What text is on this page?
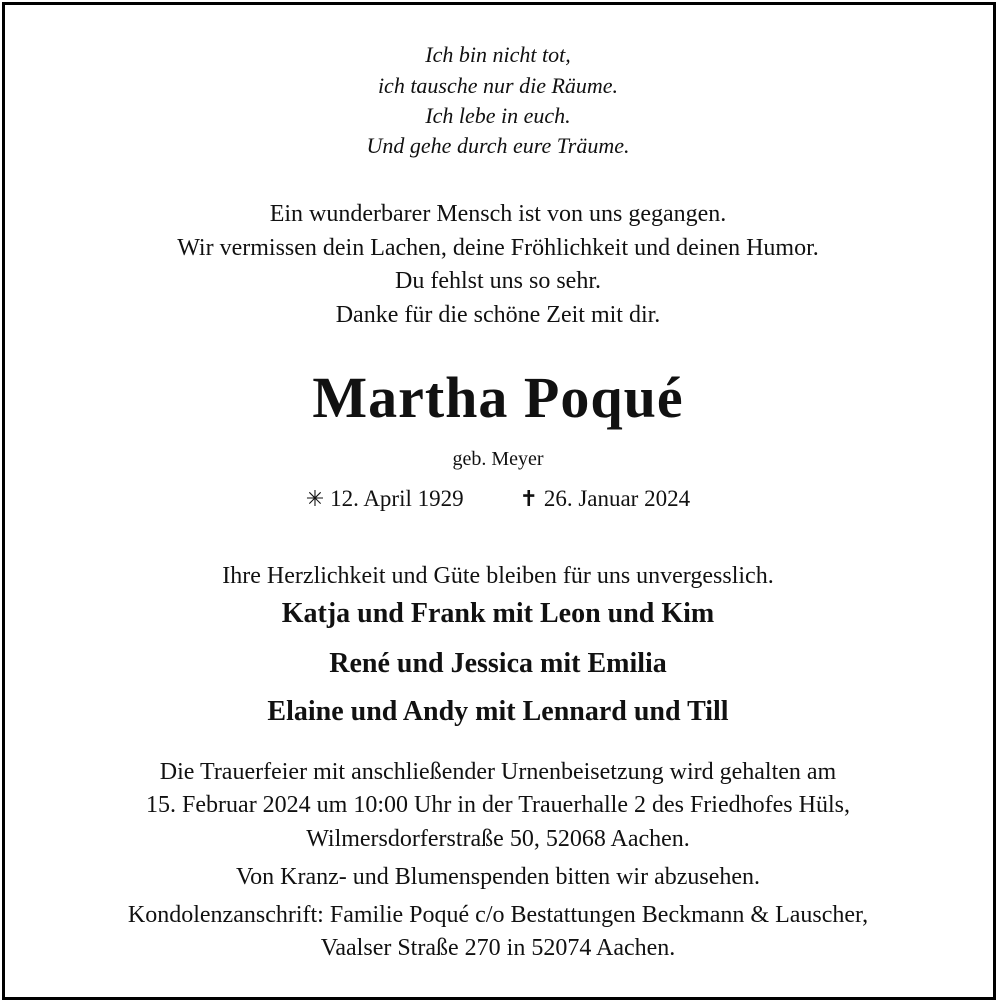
Ich bin nicht tot,
ich tausche nur die Räume.
Ich lebe in euch.
Und gehe durch eure Träume.
Ein wunderbarer Mensch ist von uns gegangen.
Wir vermissen dein Lachen, deine Fröhlichkeit und deinen Humor.
Du fehlst uns so sehr.
Danke für die schöne Zeit mit dir.
Martha Poqué
geb. Meyer
✳ 12. April 1929	✝ 26. Januar 2024
Ihre Herzlichkeit und Güte bleiben für uns unvergesslich.
Katja und Frank mit Leon und Kim
René und Jessica mit Emilia
Elaine und Andy mit Lennard und Till
Die Trauerfeier mit anschließender Urnenbeisetzung wird gehalten am
15. Februar 2024 um 10:00 Uhr in der Trauerhalle 2 des Friedhofes Hüls,
Wilmersdorferstraße 50, 52068 Aachen.
Von Kranz- und Blumenspenden bitten wir abzusehen.
Kondolenzanschrift: Familie Poqué c/o Bestattungen Beckmann & Lauscher,
Vaalser Straße 270 in 52074 Aachen.
